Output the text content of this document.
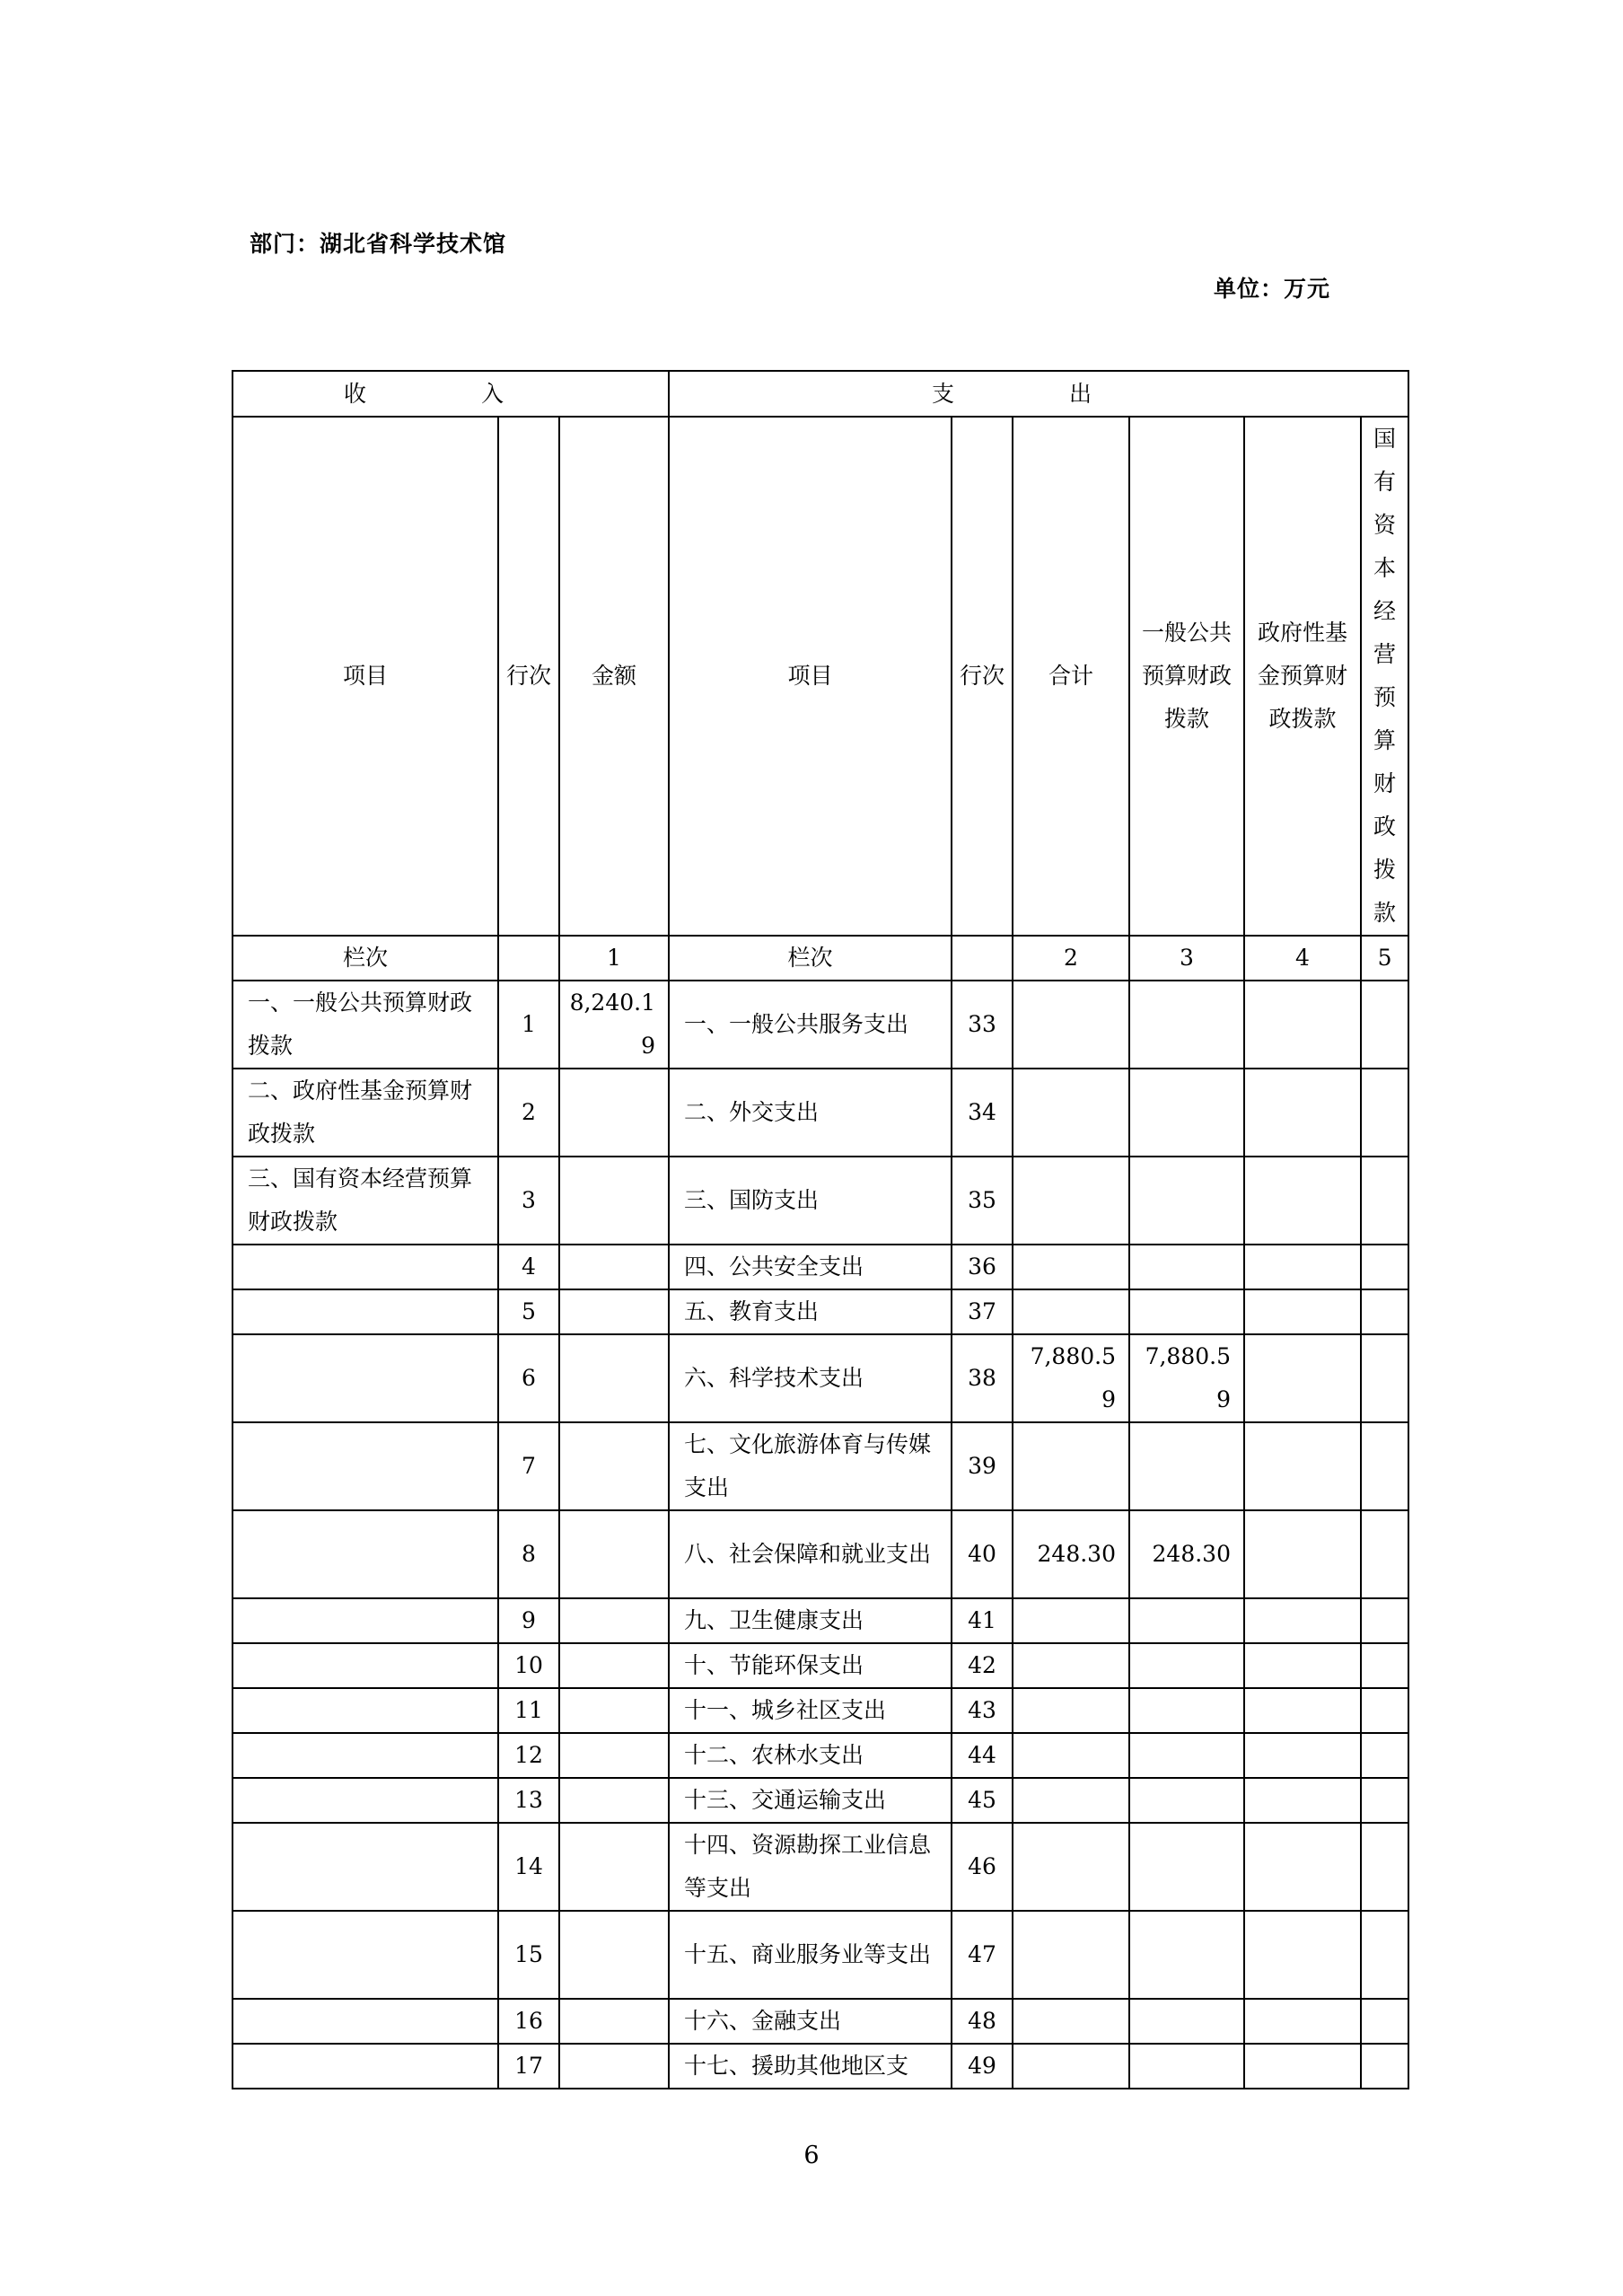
部门：湖北省科学技术馆
单位：万元
收 入			支 出					
项目	行次	金额	项目	行次	合计	一般公共预算财政拨款	政府性基金预算财政拨款	国有资本经营预算财政拨款
栏次		1	栏次		2	3	4	5
一、一般公共预算财政拨款	1	8,240.19	一、一般公共服务支出	33				
二、政府性基金预算财政拨款	2		二、外交支出	34				
三、国有资本经营预算财政拨款	3		三、国防支出	35				
	4		四、公共安全支出	36				
	5		五、教育支出	37				
	6		六、科学技术支出	38	7,880.59	7,880.59		
	7		七、文化旅游体育与传媒支出	39				
	8		八、社会保障和就业支出	40	248.30	248.30		
	9		九、卫生健康支出	41				
	10		十、节能环保支出	42				
	11		十一、城乡社区支出	43				
	12		十二、农林水支出	44				
	13		十三、交通运输支出	45				
	14		十四、资源勘探工业信息等支出	46				
	15		十五、商业服务业等支出	47				
	16		十六、金融支出	48				
	17		十七、援助其他地区支	49				
6
